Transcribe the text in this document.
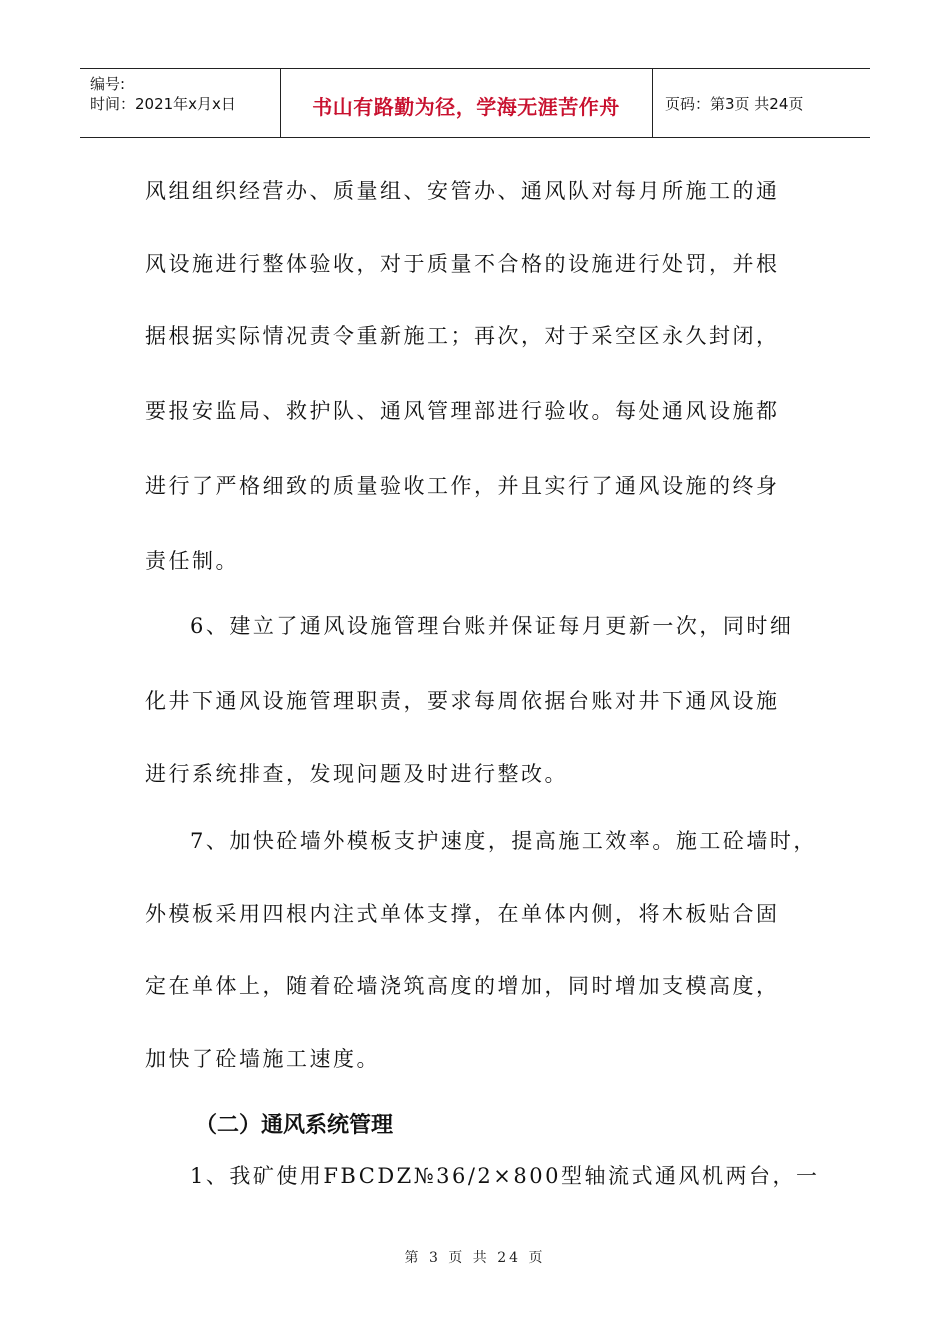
编号:
时间：2021年x月x日	书山有路勤为径，学海无涯苦作舟	页码：第3页 共24页
风组组织经营办、质量组、安管办、通风队对每月所施工的通
风设施进行整体验收，对于质量不合格的设施进行处罚，并根
据根据实际情况责令重新施工；再次，对于采空区永久封闭，
要报安监局、救护队、通风管理部进行验收。每处通风设施都
进行了严格细致的质量验收工作，并且实行了通风设施的终身
责任制。
6、建立了通风设施管理台账并保证每月更新一次，同时细
化井下通风设施管理职责，要求每周依据台账对井下通风设施
进行系统排查，发现问题及时进行整改。
7、加快砼墙外模板支护速度，提高施工效率。施工砼墙时，
外模板采用四根内注式单体支撑，在单体内侧，将木板贴合固
定在单体上，随着砼墙浇筑高度的增加，同时增加支模高度，
加快了砼墙施工速度。
（二）通风系统管理
1、我矿使用FBCDZ№36/2×800型轴流式通风机两台，一
第 3 页 共 24 页
